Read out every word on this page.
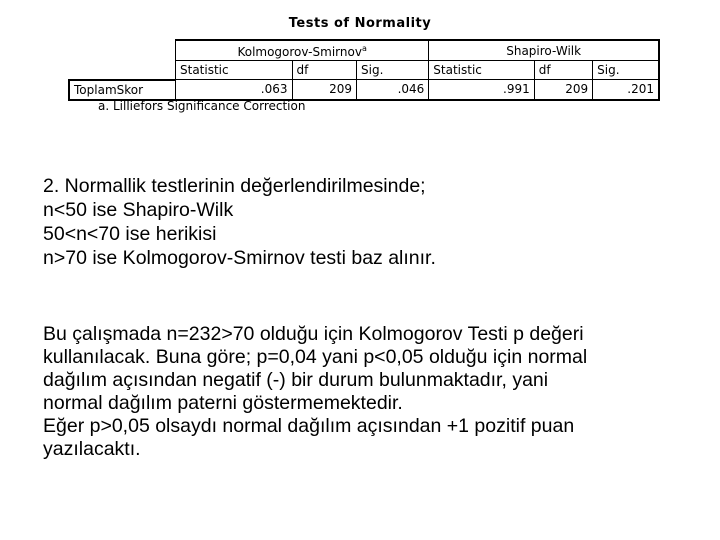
Tests of Normality
	Kolmogorov-Smirnov$^a$			Shapiro-Wilk		
	Statistic	df	Sig.	Statistic	df	Sig.
ToplamSkor	.063	209	.046	.991	209	.201
a. Lilliefors Significance Correction

2. Normallik testlerinin değerlendirilmesinde;

n<50 ise Shapiro-Wilk

50<n<70 ise herikisi

n>70 ise Kolmogorov-Smirnov testi baz alınır.

Bu çalışmada n=232>70 olduğu için Kolmogorov Testi p değeri

kullanılacak. Buna göre; p=0,04 yani p<0,05 olduğu için normal

dağılım açısından negatif (-) bir durum bulunmaktadır, yani

normal dağılım paterni göstermemektedir.

Eğer p>0,05 olsaydı normal dağılım açısından +1 pozitif puan

yazılacaktı.
